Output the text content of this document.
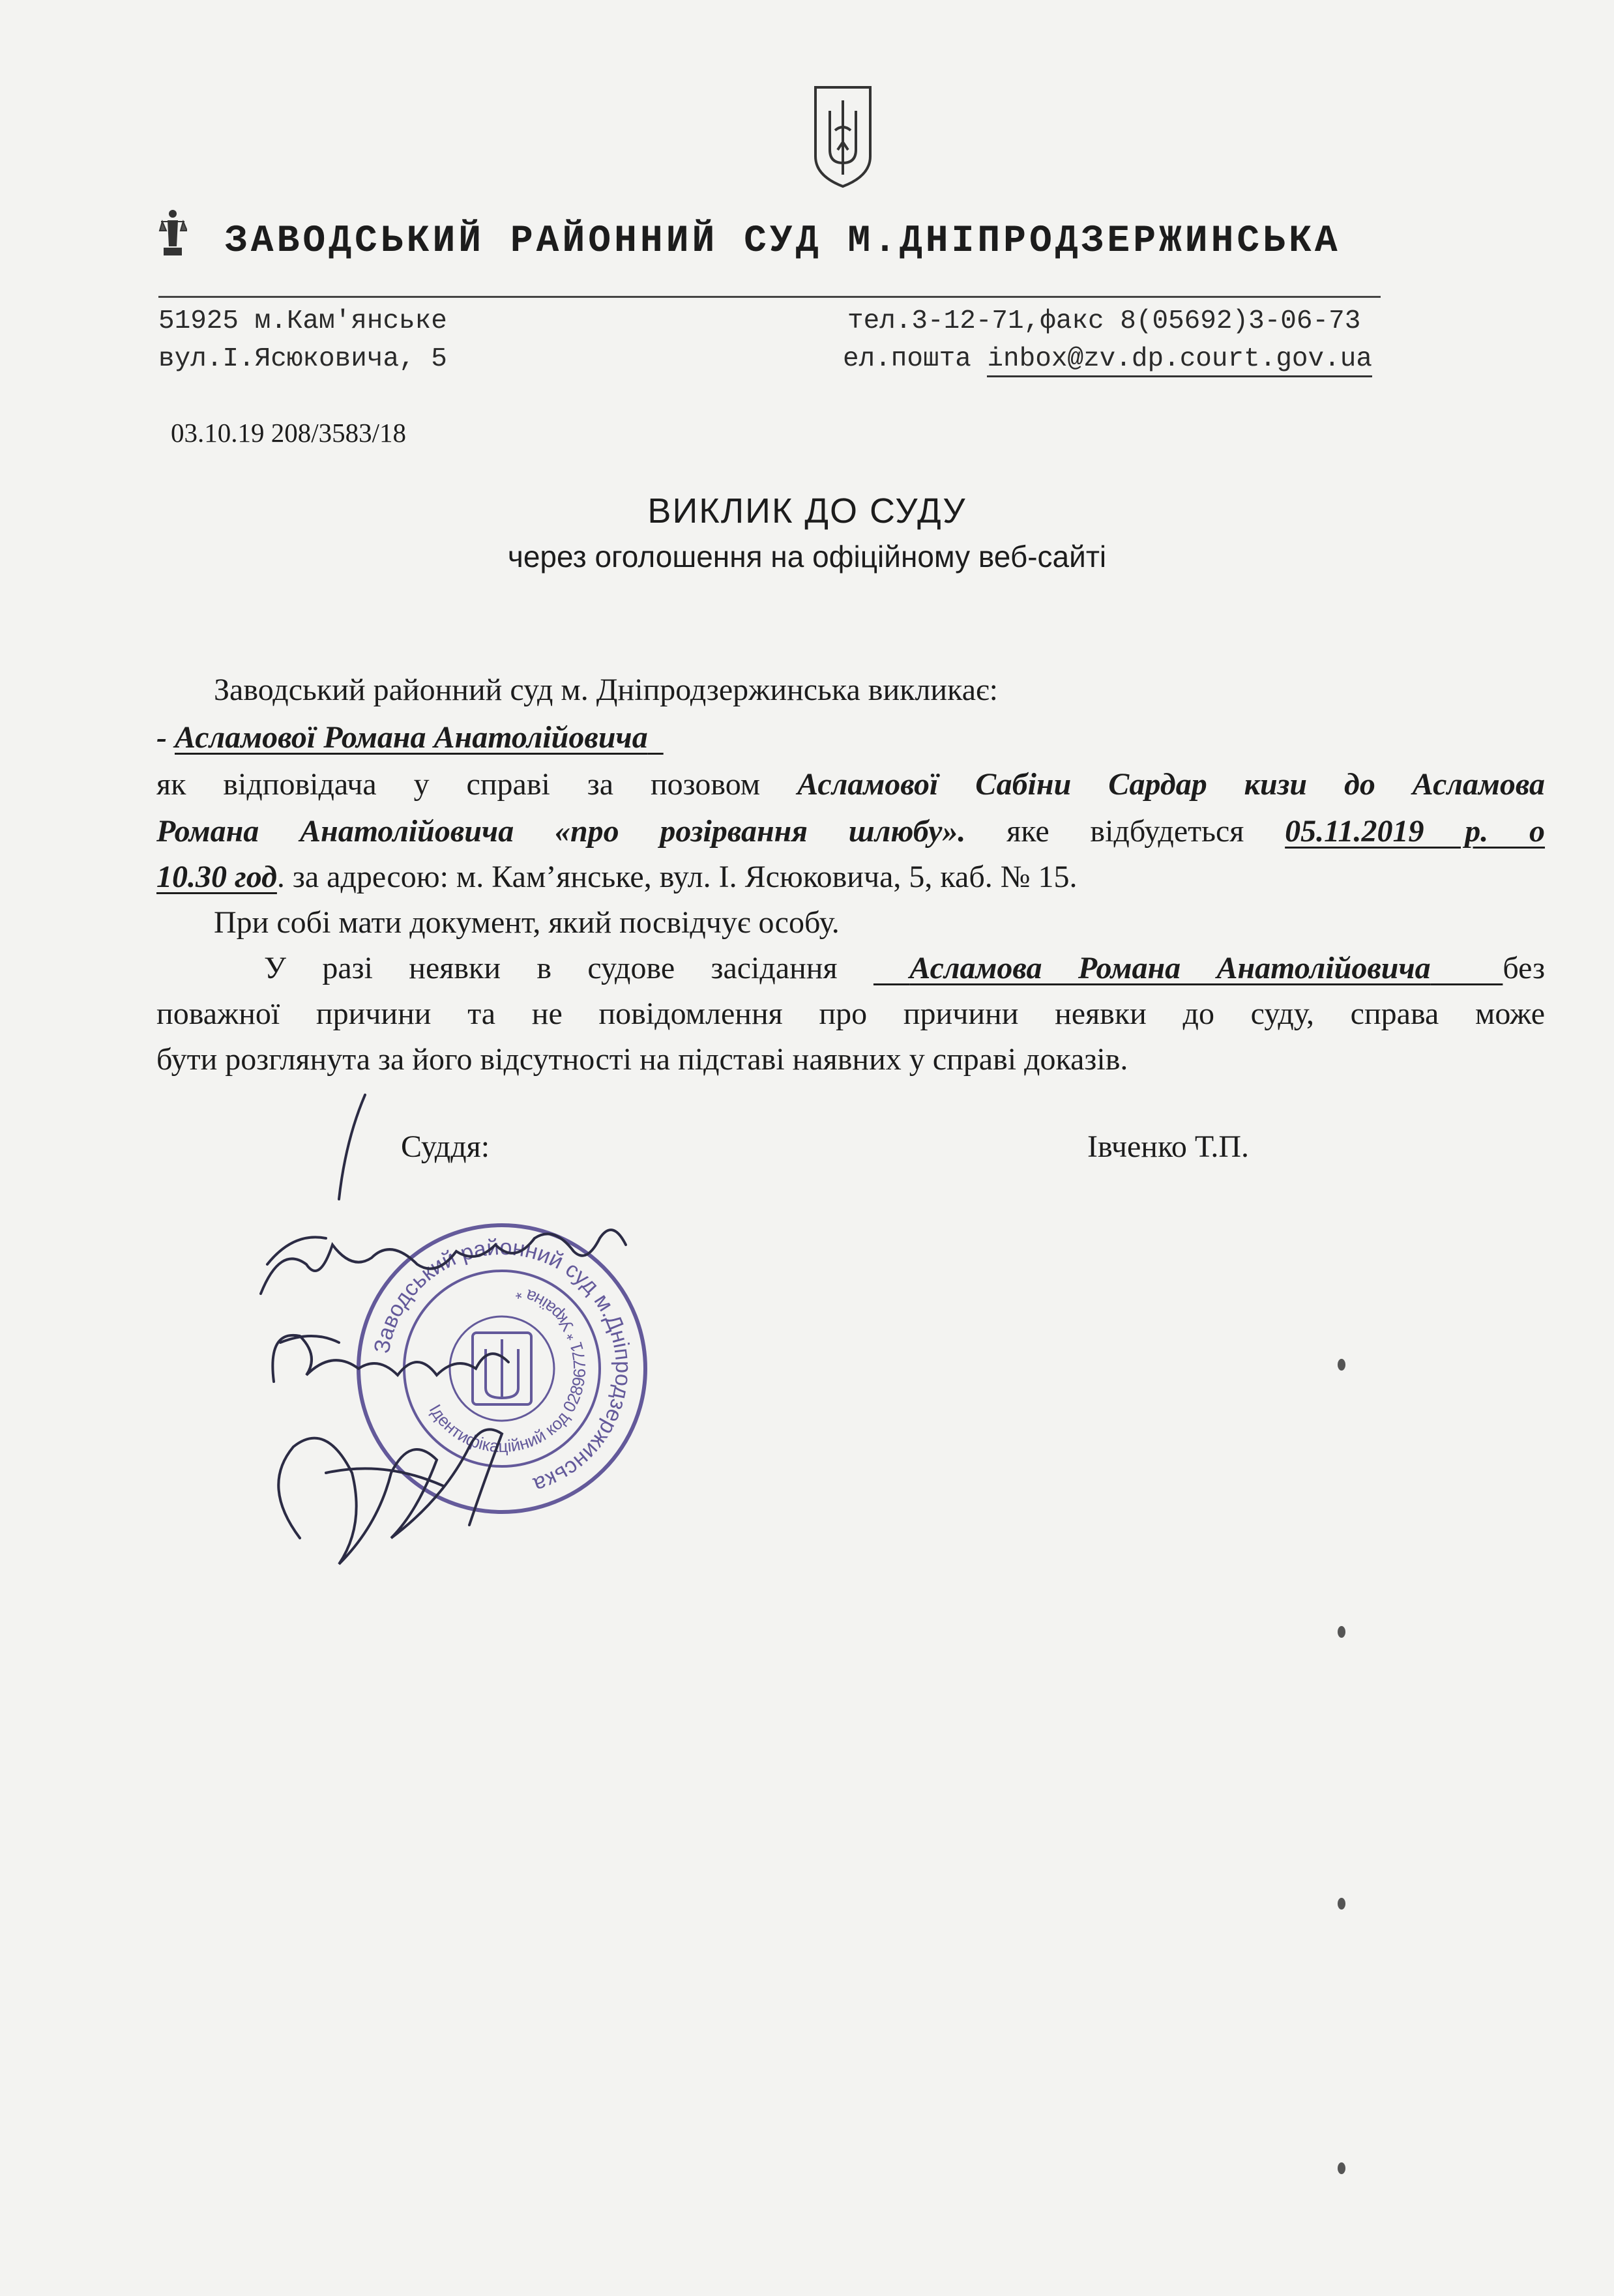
ЗАВОДСЬКИЙ РАЙОННИЙ СУД М.ДНІПРОДЗЕРЖИНСЬКА
51925 м.Кам'янське
вул.І.Ясюковича, 5
тел.3-12-71,факс 8(05692)3-06-73
ел.пошта inbox@zv.dp.court.gov.ua
03.10.19 208/3583/18
ВИКЛИК ДО СУДУ
через оголошення на офіційному веб-сайті
Заводський районний суд м. Дніпродзержинська викликає:
- Асламової Романа Анатолійовича
як відповідача у справі за позовом Асламової Сабіни Сардар кизи до Асламова
Романа Анатолійовича «про розірвання шлюбу». яке відбудеться 05.11.2019 р. о
10.30 год. за адресою: м. Кам’янське, вул. І. Ясюковича, 5, каб. № 15.
При собі мати документ, який посвідчує особу.
У разі неявки в судове засідання Асламова Романа Анатолійовича без
поважної причини та не повідомлення про причини неявки до суду, справа може
бути розглянута за його відсутності на підставі наявних у справі доказів.
Суддя:	Івченко Т.П.
Заводський районний суд м.Дніпродзержинська
Ідентифікаційний код 02896771 * Україна *
